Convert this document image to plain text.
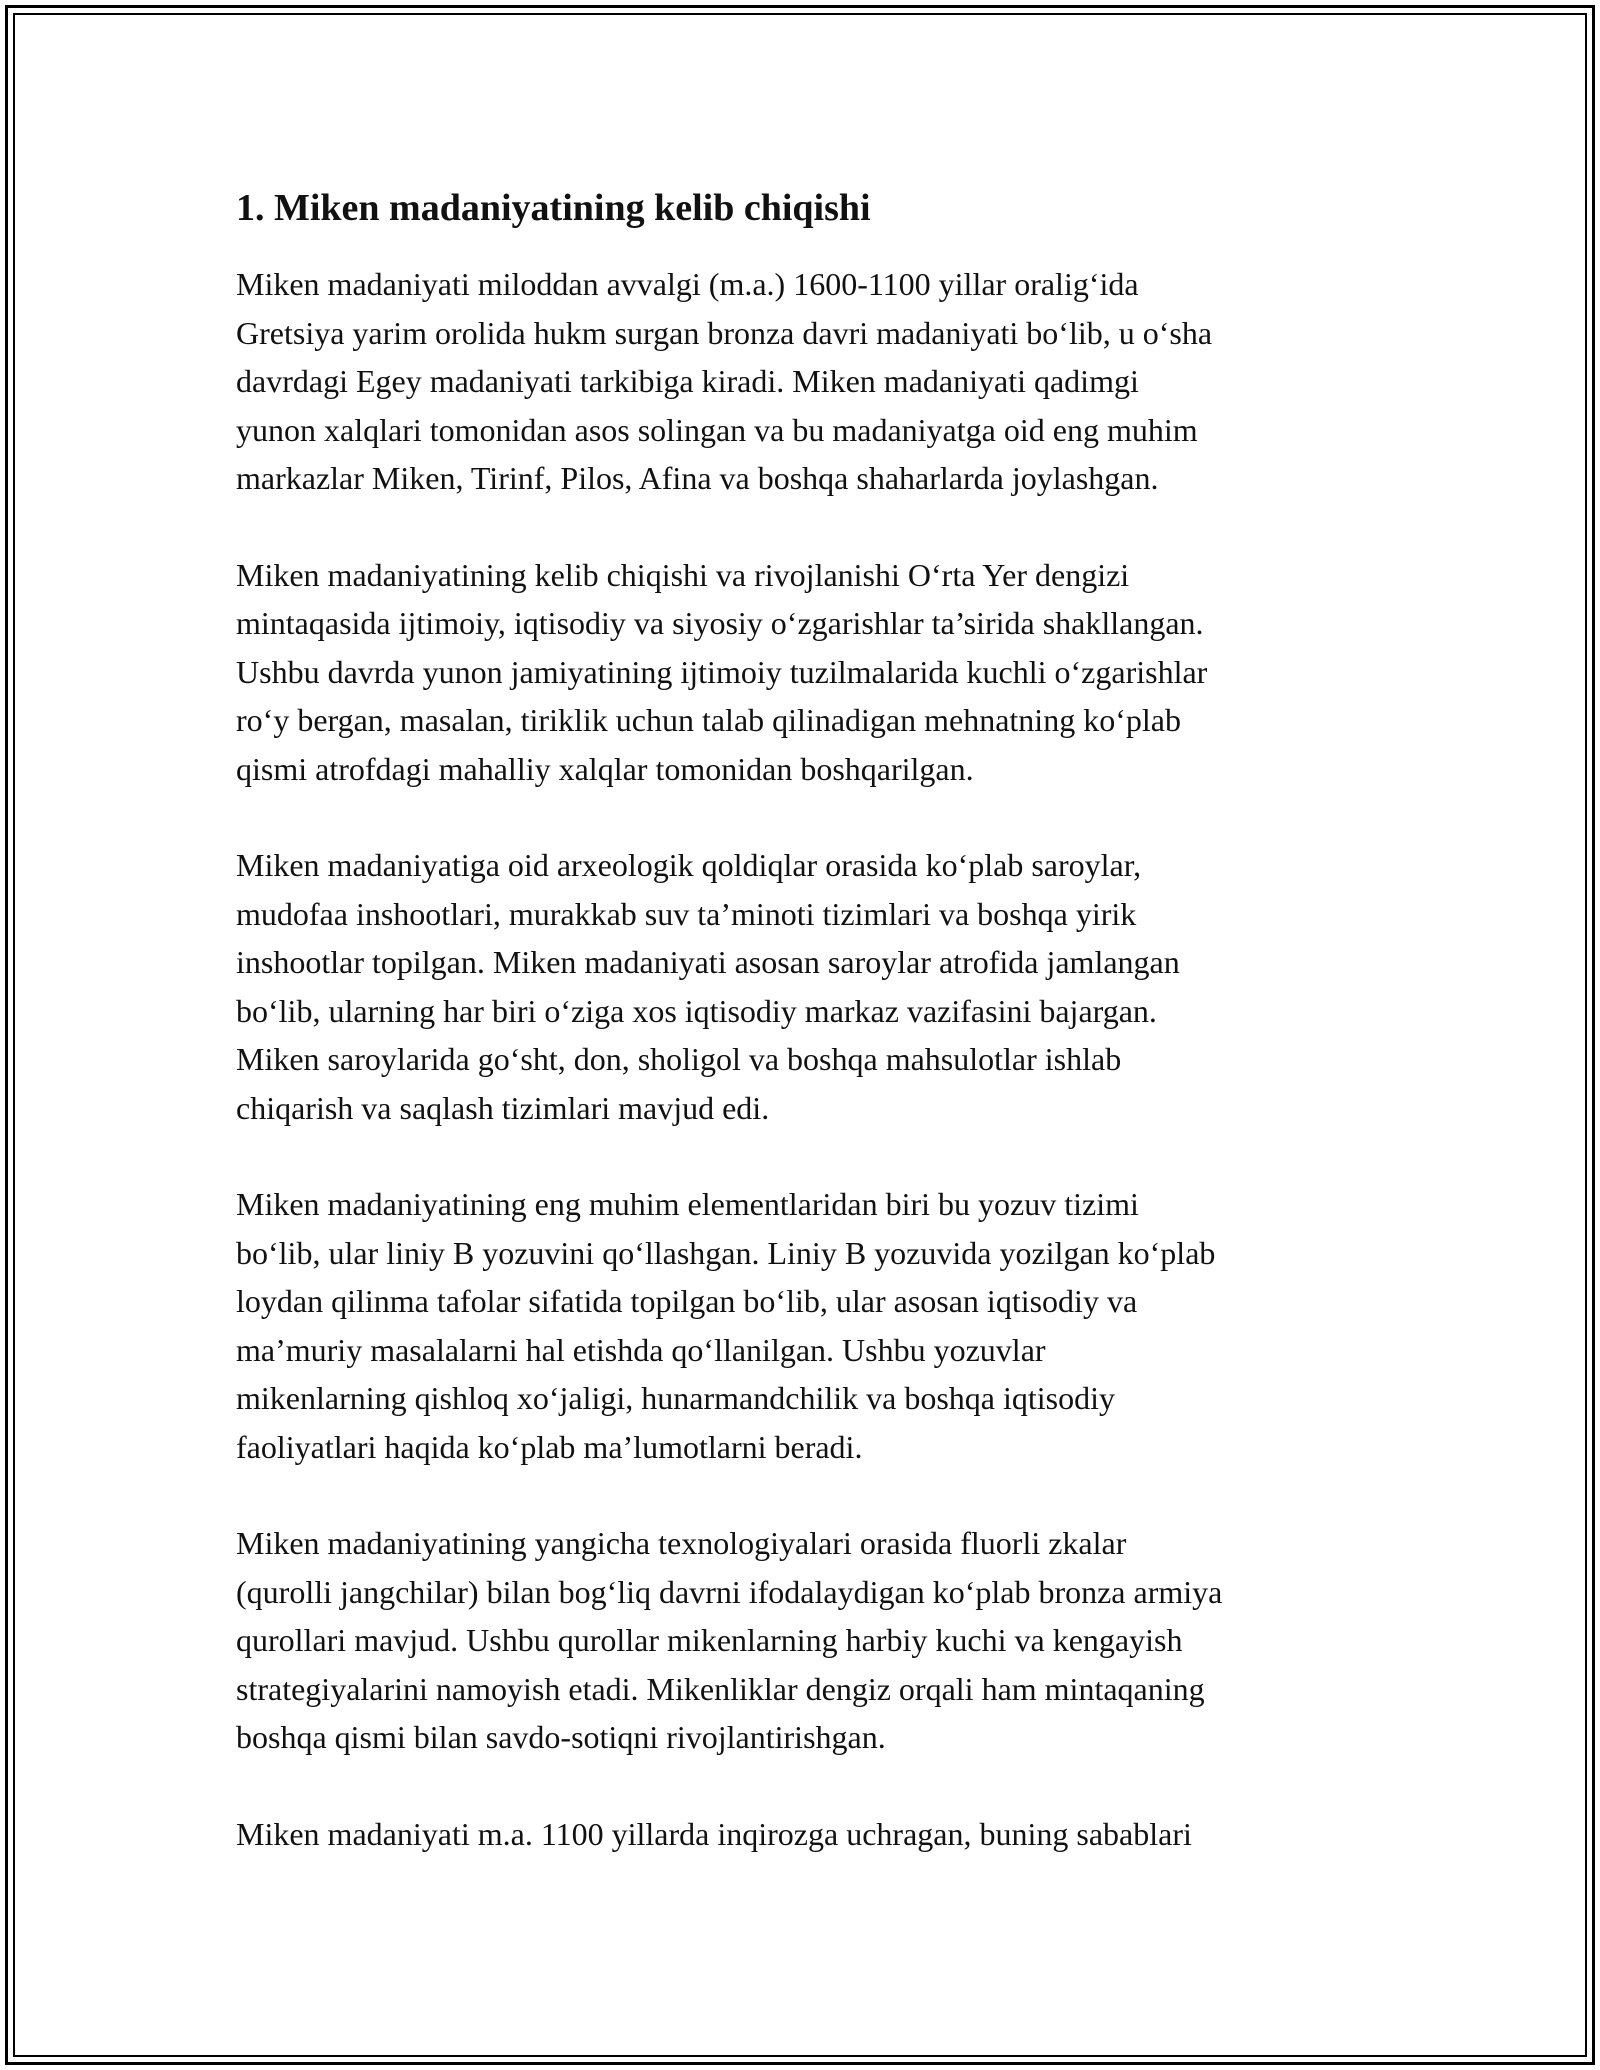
1. Miken madaniyatining kelib chiqishi

Miken madaniyati miloddan avvalgi (m.a.) 1600-1100 yillar oralig‘ida
Gretsiya yarim orolida hukm surgan bronza davri madaniyati bo‘lib, u o‘sha
davrdagi Egey madaniyati tarkibiga kiradi. Miken madaniyati qadimgi
yunon xalqlari tomonidan asos solingan va bu madaniyatga oid eng muhim
markazlar Miken, Tirinf, Pilos, Afina va boshqa shaharlarda joylashgan.

Miken madaniyatining kelib chiqishi va rivojlanishi O‘rta Yer dengizi
mintaqasida ijtimoiy, iqtisodiy va siyosiy o‘zgarishlar ta’sirida shakllangan.
Ushbu davrda yunon jamiyatining ijtimoiy tuzilmalarida kuchli o‘zgarishlar
ro‘y bergan, masalan, tiriklik uchun talab qilinadigan mehnatning ko‘plab
qismi atrofdagi mahalliy xalqlar tomonidan boshqarilgan.

Miken madaniyatiga oid arxeologik qoldiqlar orasida ko‘plab saroylar,
mudofaa inshootlari, murakkab suv ta’minoti tizimlari va boshqa yirik
inshootlar topilgan. Miken madaniyati asosan saroylar atrofida jamlangan
bo‘lib, ularning har biri o‘ziga xos iqtisodiy markaz vazifasini bajargan.
Miken saroylarida go‘sht, don, sholigol va boshqa mahsulotlar ishlab
chiqarish va saqlash tizimlari mavjud edi.

Miken madaniyatining eng muhim elementlaridan biri bu yozuv tizimi
bo‘lib, ular liniy B yozuvini qo‘llashgan. Liniy B yozuvida yozilgan ko‘plab
loydan qilinma tafolar sifatida topilgan bo‘lib, ular asosan iqtisodiy va
ma’muriy masalalarni hal etishda qo‘llanilgan. Ushbu yozuvlar
mikenlarning qishloq xo‘jaligi, hunarmandchilik va boshqa iqtisodiy
faoliyatlari haqida ko‘plab ma’lumotlarni beradi.

Miken madaniyatining yangicha texnologiyalari orasida fluorli zkalar
(qurolli jangchilar) bilan bog‘liq davrni ifodalaydigan ko‘plab bronza armiya
qurollari mavjud. Ushbu qurollar mikenlarning harbiy kuchi va kengayish
strategiyalarini namoyish etadi. Mikenliklar dengiz orqali ham mintaqaning
boshqa qismi bilan savdo-sotiqni rivojlantirishgan.

Miken madaniyati m.a. 1100 yillarda inqirozga uchragan, buning sabablari
